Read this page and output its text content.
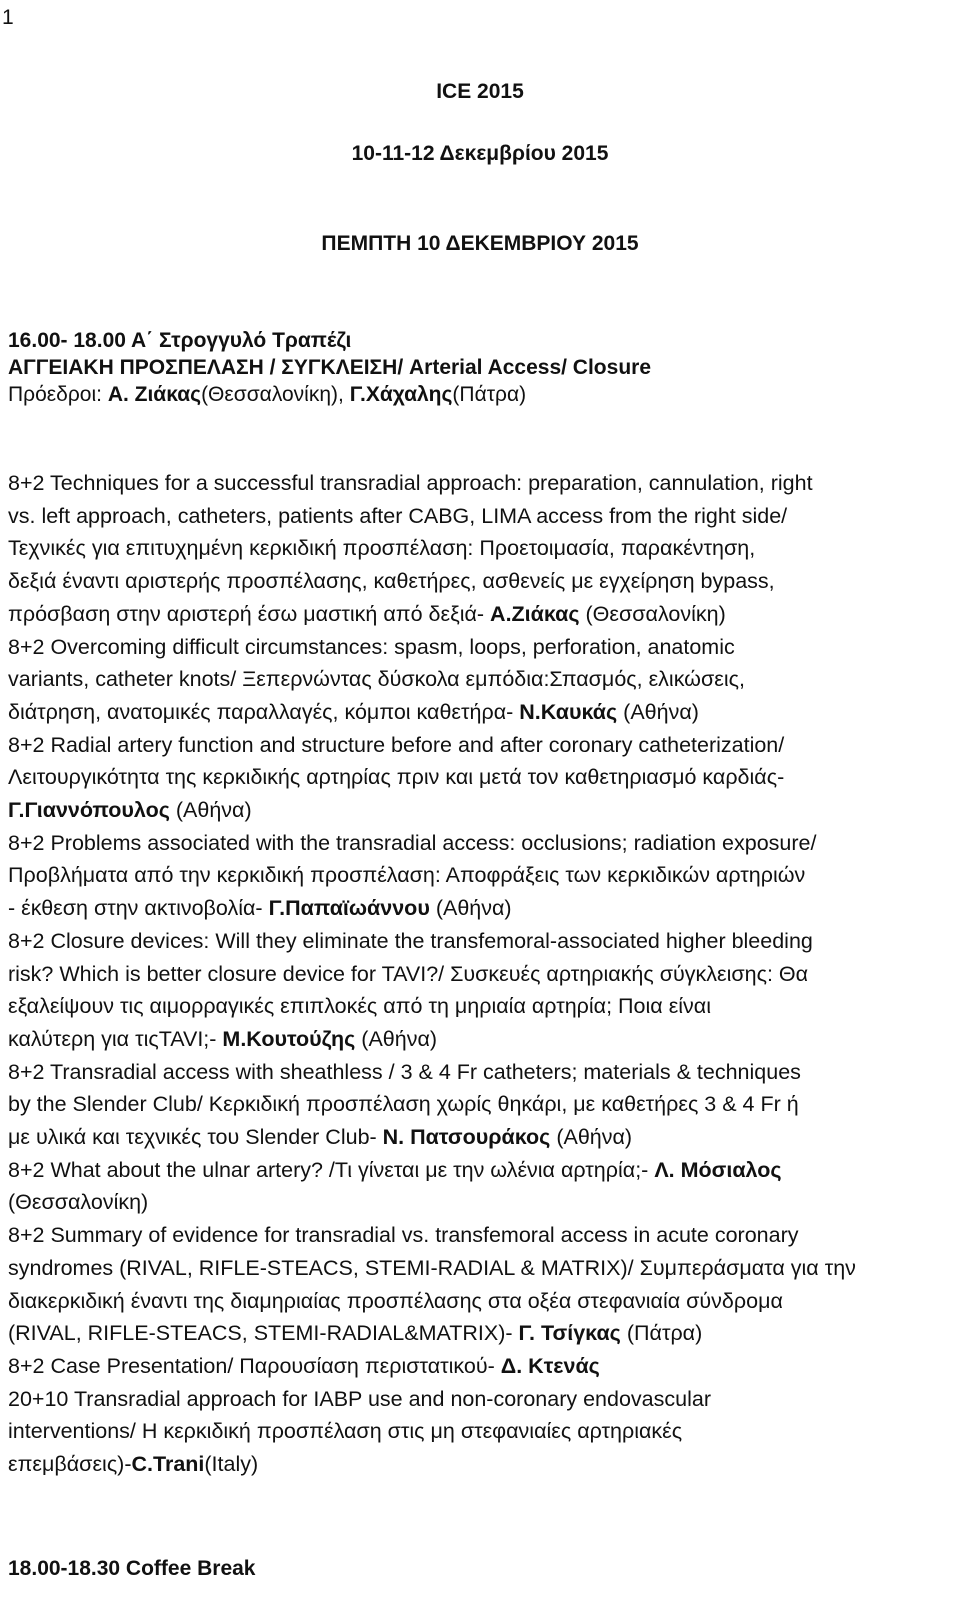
1
ICE 2015
10-11-12 Δεκεμβρίου 2015
ΠΕΜΠΤΗ 10 ΔΕΚΕΜΒΡΙΟΥ 2015
16.00- 18.00 Α΄ Στρογγυλό Τραπέζι
ΑΓΓΕΙΑΚΗ ΠΡΟΣΠΕΛΑΣΗ / ΣΥΓΚΛΕΙΣΗ/ Arterial Access/ Closure
Πρόεδροι: Α. Ζιάκας(Θεσσαλονίκη), Γ.Χάχαλης(Πάτρα)
8+2 Techniques for a successful transradial approach: preparation, cannulation, right
vs. left approach, catheters, patients after CABG, LIMA access from the right side/
Τεχνικές για επιτυχημένη κερκιδική προσπέλαση: Προετοιμασία, παρακέντηση,
δεξιά έναντι αριστερής προσπέλασης, καθετήρες, ασθενείς με εγχείρηση bypass,
πρόσβαση στην αριστερή έσω μαστική από δεξιά- Α.Ζιάκας (Θεσσαλονίκη)
8+2 Overcoming difficult circumstances: spasm, loops, perforation, anatomic
variants, catheter knots/ Ξεπερνώντας δύσκολα εμπόδια:Σπασμός, ελικώσεις,
διάτρηση, ανατομικές παραλλαγές, κόμποι καθετήρα- Ν.Καυκάς (Αθήνα)
8+2 Radial artery function and structure before and after coronary catheterization/
Λειτουργικότητα της κερκιδικής αρτηρίας πριν και μετά τον καθετηριασμό καρδιάς-
Γ.Γιαννόπουλος (Αθήνα)
8+2 Problems associated with the transradial access: occlusions; radiation exposure/
Προβλήματα από την κερκιδική προσπέλαση: Αποφράξεις των κερκιδικών αρτηριών
- έκθεση στην ακτινοβολία- Γ.Παπαϊωάννου (Αθήνα)
8+2 Closure devices: Will they eliminate the transfemoral-associated higher bleeding
risk? Which is better closure device for TAVI?/ Συσκευές αρτηριακής σύγκλεισης: Θα
εξαλείψουν τις αιμορραγικές επιπλοκές από τη μηριαία αρτηρία; Ποια είναι
καλύτερη για τιςTAVI;- Μ.Κουτούζης (Αθήνα)
8+2 Transradial access with sheathless / 3 & 4 Fr catheters; materials & techniques
by the Slender Club/ Κερκιδική προσπέλαση χωρίς θηκάρι, με καθετήρες 3 & 4 Fr ή
με υλικά και τεχνικές του Slender Club- Ν. Πατσουράκος (Αθήνα)
8+2 What about the ulnar artery? /Τι γίνεται με την ωλένια αρτηρία;- Λ. Μόσιαλος
(Θεσσαλονίκη)
8+2 Summary of evidence for transradial vs. transfemoral access in acute coronary
syndromes (RIVAL, RIFLE-STEACS, STEMI-RADIAL & MATRIX)/ Συμπεράσματα για την
διακερκιδική έναντι της διαμηριαίας προσπέλασης στα οξέα στεφανιαία σύνδρομα
(RIVAL, RIFLE-STEACS, STEMI-RADIAL&MATRIX)- Γ. Τσίγκας (Πάτρα)
8+2 Case Presentation/ Παρουσίαση περιστατικού- Δ. Κτενάς
20+10 Transradial approach for IABP use and non-coronary endovascular
interventions/ Η κερκιδική προσπέλαση στις μη στεφανιαίες αρτηριακές
επεμβάσεις)-C.Trani(Italy)
18.00-18.30 Coffee Break
